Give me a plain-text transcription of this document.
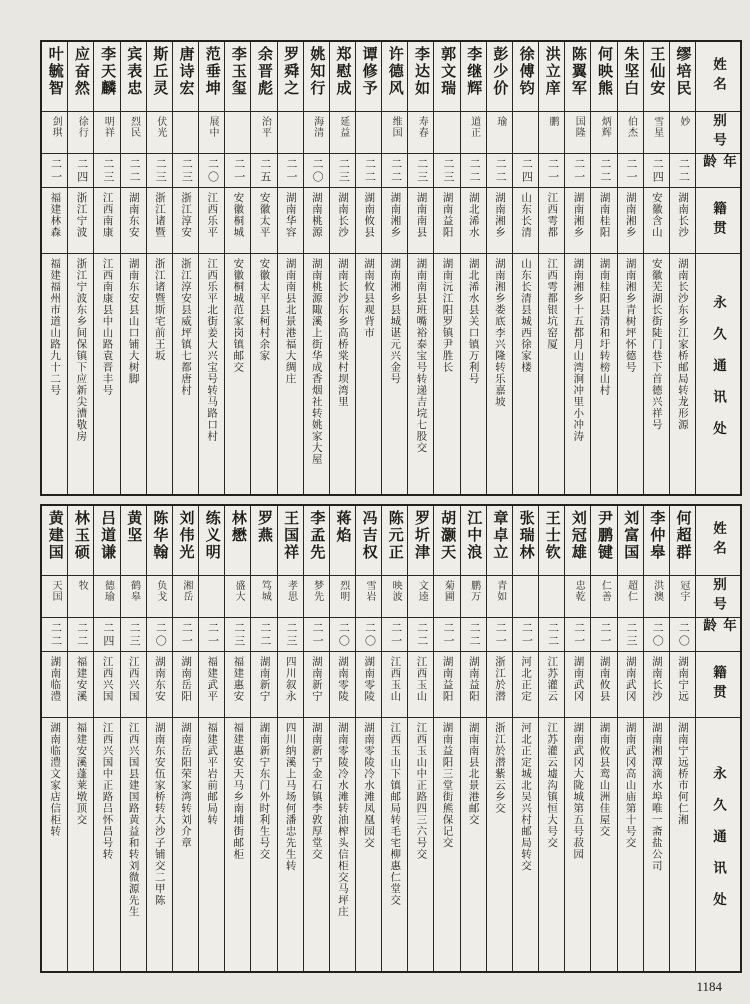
姓名
别号
年龄
籍贯
永久通讯处
缪培民
妙
二二
湖南长沙
湖南长沙东乡江家桥邮局转龙形源
王仙安
雪星
二四
安徽含山
安徽芜湖长街陡门巷下首德兴祥号
朱坚白
伯杰
二一
湖南湘乡
湖南湘乡青树坪怀德号
何映熊
炳辉
二二
湖南桂阳
湖南桂阳县清和圩转榜山村
陈翼军
国隆
二一
湖南湘乡
湖南湘乡十五都月山湾涧冲里小冲涛
洪立庠
鹏
二一
江西雩都
江西雩都银坑窑厦
徐傅钧
二四
山东长清
山东长清县城西徐家楼
彭少价
瑜
二二
湖南湘乡
湖南湘乡娄底李兴隆转乐嘉坡
李继辉
道正
二二
湖北浠水
湖北浠水县关口镇万利号
郭文瑞
二三
湖南益阳
湖南沅江阳罗镇尹胜长
李达如
寿春
二三
湖南南县
湖南南县班嘴裕泰宝号转递吉垸七股交
许德风
维国
二二
湖南湘乡
湖南湘乡县城谌元兴金号
谭修予
二二
湖南攸县
湖南攸县观背市
郑慰成
延益
二三
湖南长沙
湖南长沙东乡高桥棠村坝湾里
姚知行
海清
二〇
湖南桃源
湖南桃源陬溪上街华成香烟社转姚家大屋
罗舜之
二一
湖南华容
湖南南县北景港福大绸庄
余晋彪
治平
二五
安徽太平
安徽太平县柯村余家
李玉玺
二一
安徽桐城
安徽桐城范家岗镇邮交
范垂坤
展中
二〇
江西乐平
江西乐平北街姜大兴宝号转马路口村
唐诗宏
二三
浙江淳安
浙江淳安县威坪镇七都唐村
斯丘灵
伏光
二三
浙江诸暨
浙江诸暨斯宅前王坂
宾表忠
烈民
二二
湖南东安
湖南东安县山口铺大树脚
李天麟
明祥
二三
江西南康
江西南康县中山路袁晋丰号
应奋然
徐行
二四
浙江宁波
浙江宁波东乡间保镇下应新尖漕敬房
叶毓智
剑琪
二一
福建林森
福建福州市道山路九十二号
姓名
别号
年龄
籍贯
永久通讯处
何超群
冠宇
二〇
湖南宁远
湖南宁远桥市何仁湘
李仲皋
洪澳
二〇
湖南长沙
湖南湘潭滴水埠唯一斋盐公司
刘富国
超仁
二三
湖南武冈
湖南武冈高山庙第十号交
尹鹏键
仁善
二一
湖南攸县
湖南攸县鸾山洲佳屋交
刘冠雄
忠乾
二一
湖南武冈
湖南武冈大陇城第五号菽园
王士钦
二二
江苏灌云
江苏灌云墟沟镇恒大号交
张瑞林
二一
河北正定
河北正定城北吴兴村邮局转交
章卓立
青如
二一
浙江於潜
浙江於潜紫云乡交
江中浪
鹏万
二二
湖南益阳
湖南南县北景港邮交
胡灏天
菊圃
二一
湖南益阳
湖南益阳三堂街熊保记交
罗圻津
文逵
二二
江西玉山
江西玉山中正路四三六号交
陈元正
映波
二一
江西玉山
江西玉山下镇邮局转毛宅柳惠仁堂交
冯吉权
雪岩
二〇
湖南零陵
湖南零陵冷水滩凤凰园交
蒋焰
烈明
二〇
湖南零陵
湖南零陵冷水滩转油榨头信柜交马坪庄
李孟先
梦先
二一
湖南新宁
湖南新宁金石镇李敦厚堂交
王国祥
孝思
二三
四川叙永
四川纳溪上马场何潘忠先生转
罗燕
笃城
二二
湖南新宁
湖南新宁东门外时利生号交
林懋
盛大
二三
福建惠安
福建惠安天马乡南埔街邮柜
练义明
二一
福建武平
福建武平岩前邮局转
刘伟光
湘岳
二一
湖南岳阳
湖南岳阳荣家湾转刘介章
陈华翰
负戈
二〇
湖南东安
湖南东安伍家桥转大沙子铺交二甲陈
黄坚
鹤皋
二三
江西兴国
江西兴国县建国路黄益和转刘微源先生
吕道谦
德瑜
二四
江西兴国
江西兴国中正路吕怀昌号转
林玉硕
牧
二二
福建安溪
福建安溪蓬莱墩顶交
黄建国
天国
二二
湖南临澧
湖南临澧文家店信柜转
1184
